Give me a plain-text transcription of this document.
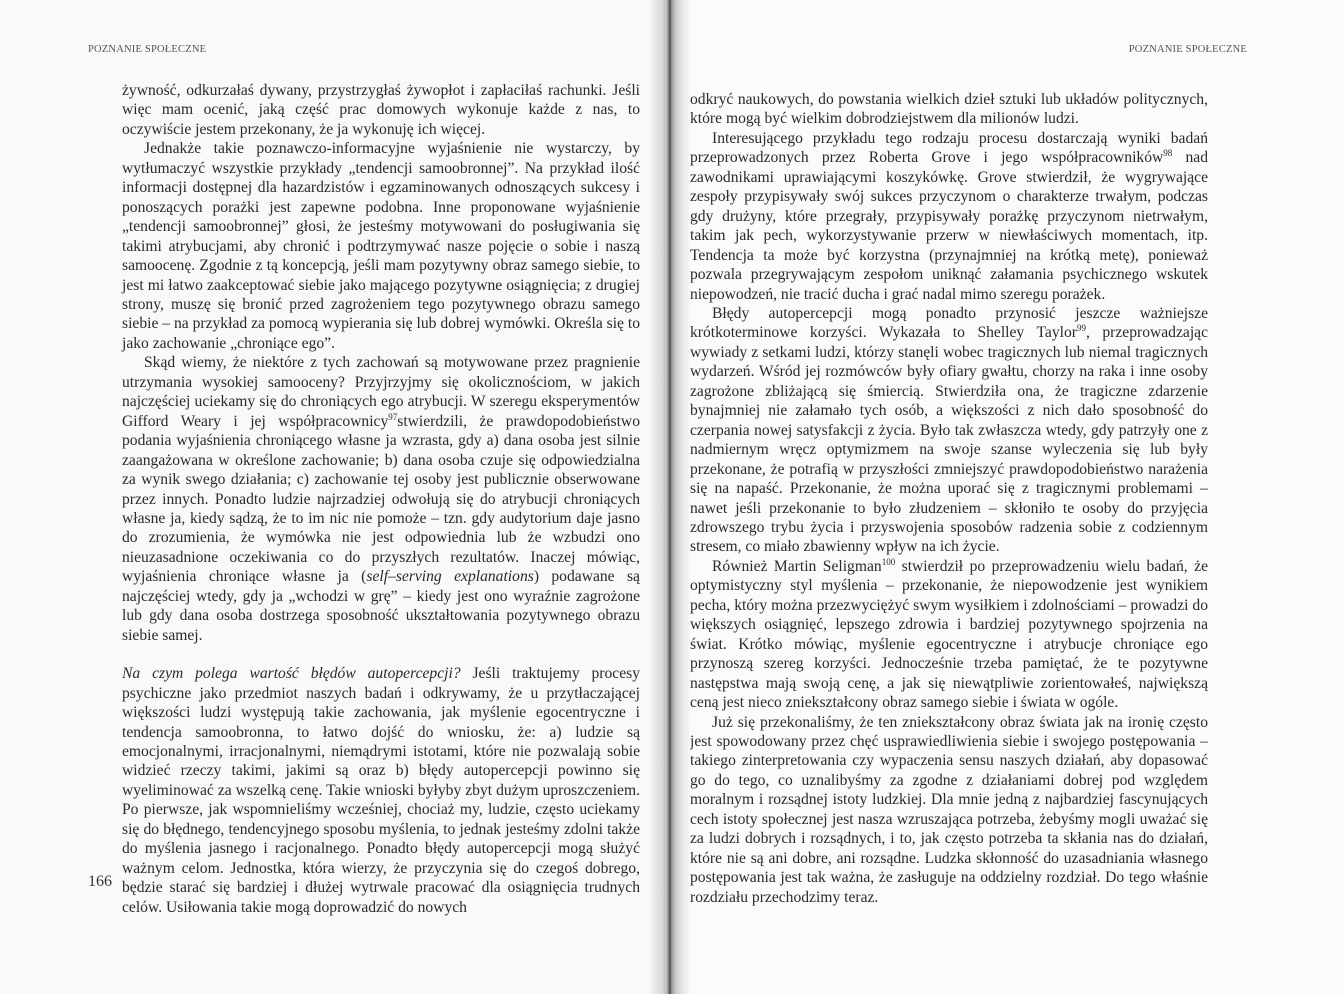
POZNANIE SPOŁECZNE

żywność, odkurzałaś dywany, przystrzygłaś żywopłot i zapłaciłaś rachunki. Jeśli więc mam ocenić, jaką część prac domowych wykonuje każde z nas, to oczywiście jestem przekonany, że ja wykonuję ich więcej.

Jednakże takie poznawczo-informacyjne wyjaśnienie nie wystarczy, by wytłumaczyć wszystkie przykłady „tendencji samoobronnej”. Na przykład ilość informacji dostępnej dla hazardzistów i egzaminowanych odnoszących sukcesy i ponoszących porażki jest zapewne podobna. Inne proponowane wyjaśnienie „tendencji samoobronnej” głosi, że jesteśmy motywowani do posługiwania się takimi atrybucjami, aby chronić i podtrzymywać nasze pojęcie o sobie i naszą samoocenę. Zgodnie z tą koncepcją, jeśli mam pozytywny obraz samego siebie, to jest mi łatwo zaakceptować siebie jako mającego pozytywne osiągnięcia; z drugiej strony, muszę się bronić przed zagrożeniem tego pozytywnego obrazu samego siebie – na przykład za pomocą wypierania się lub dobrej wymówki. Określa się to jako zachowanie „chroniące ego”.

Skąd wiemy, że niektóre z tych zachowań są motywowane przez pragnienie utrzymania wysokiej samooceny? Przyjrzyjmy się okolicznościom, w jakich najczęściej uciekamy się do chroniących ego atrybucji. W szeregu eksperymentów Gifford Weary i jej współpracownicy$^{97}$stwierdzili, że prawdopodobieństwo podania wyjaśnienia chroniącego własne ja wzrasta, gdy a) dana osoba jest silnie zaangażowana w określone zachowanie; b) dana osoba czuje się odpowiedzialna za wynik swego działania; c) zachowanie tej osoby jest publicznie obserwowane przez innych. Ponadto ludzie najrzadziej odwołują się do atrybucji chroniących własne ja, kiedy sądzą, że to im nic nie pomoże – tzn. gdy audytorium daje jasno do zrozumienia, że wymówka nie jest odpowiednia lub że wzbudzi ono nieuzasadnione oczekiwania co do przyszłych rezultatów. Inaczej mówiąc, wyjaśnienia chroniące własne ja (self–serving explanations) podawane są najczęściej wtedy, gdy ja „wchodzi w grę” – kiedy jest ono wyraźnie zagrożone lub gdy dana osoba dostrzega sposobność ukształtowania pozytywnego obrazu siebie samej.

Na czym polega wartość błędów autopercepcji? Jeśli traktujemy procesy psychiczne jako przedmiot naszych badań i odkrywamy, że u przytłaczającej większości ludzi występują takie zachowania, jak myślenie egocentryczne i tendencja samoobronna, to łatwo dojść do wniosku, że: a) ludzie są emocjonalnymi, irracjonalnymi, niemądrymi istotami, które nie pozwalają sobie widzieć rzeczy takimi, jakimi są oraz b) błędy autopercepcji powinno się wyeliminować za wszelką cenę. Takie wnioski byłyby zbyt dużym uproszczeniem. Po pierwsze, jak wspomnieliśmy wcześniej, chociaż my, ludzie, często uciekamy się do błędnego, tendencyjnego sposobu myślenia, to jednak jesteśmy zdolni także do myślenia jasnego i racjonalnego. Ponadto błędy autopercepcji mogą służyć ważnym celom. Jednostka, która wierzy, że przyczynia się do czegoś dobrego, będzie starać się bardziej i dłużej wytrwale pracować dla osiągnięcia trudnych celów. Usiłowania takie mogą doprowadzić do nowych

166
POZNANIE SPOŁECZNE

odkryć naukowych, do powstania wielkich dzieł sztuki lub układów politycznych, które mogą być wielkim dobrodziejstwem dla milionów ludzi.

Interesującego przykładu tego rodzaju procesu dostarczają wyniki badań przeprowadzonych przez Roberta Grove i jego współpracowników$^{98}$ nad zawodnikami uprawiającymi koszykówkę. Grove stwierdził, że wygrywające zespoły przypisywały swój sukces przyczynom o charakterze trwałym, podczas gdy drużyny, które przegrały, przypisywały porażkę przyczynom nietrwałym, takim jak pech, wykorzystywanie przerw w niewłaściwych momentach, itp. Tendencja ta może być korzystna (przynajmniej na krótką metę), ponieważ pozwala przegrywającym zespołom uniknąć załamania psychicznego wskutek niepowodzeń, nie tracić ducha i grać nadal mimo szeregu porażek.

Błędy autopercepcji mogą ponadto przynosić jeszcze ważniejsze krótkoterminowe korzyści. Wykazała to Shelley Taylor$^{99}$, przeprowadzając wywiady z setkami ludzi, którzy stanęli wobec tragicznych lub niemal tragicznych wydarzeń. Wśród jej rozmówców były ofiary gwałtu, chorzy na raka i inne osoby zagrożone zbliżającą się śmiercią. Stwierdziła ona, że tragiczne zdarzenie bynajmniej nie załamało tych osób, a większości z nich dało sposobność do czerpania nowej satysfakcji z życia. Było tak zwłaszcza wtedy, gdy patrzyły one z nadmiernym wręcz optymizmem na swoje szanse wyleczenia się lub były przekonane, że potrafią w przyszłości zmniejszyć prawdopodobieństwo narażenia się na napaść. Przekonanie, że można uporać się z tragicznymi problemami – nawet jeśli przekonanie to było złudzeniem – skłoniło te osoby do przyjęcia zdrowszego trybu życia i przyswojenia sposobów radzenia sobie z codziennym stresem, co miało zbawienny wpływ na ich życie.

Również Martin Seligman$^{100}$ stwierdził po przeprowadzeniu wielu badań, że optymistyczny styl myślenia – przekonanie, że niepowodzenie jest wynikiem pecha, który można przezwyciężyć swym wysiłkiem i zdolnościami – prowadzi do większych osiągnięć, lepszego zdrowia i bardziej pozytywnego spojrzenia na świat. Krótko mówiąc, myślenie egocentryczne i atrybucje chroniące ego przynoszą szereg korzyści. Jednocześnie trzeba pamiętać, że te pozytywne następstwa mają swoją cenę, a jak się niewątpliwie zorientowałeś, największą ceną jest nieco zniekształcony obraz samego siebie i świata w ogóle.

Już się przekonaliśmy, że ten zniekształcony obraz świata jak na ironię często jest spowodowany przez chęć usprawiedliwienia siebie i swojego postępowania – takiego zinterpretowania czy wypaczenia sensu naszych działań, aby dopasować go do tego, co uznalibyśmy za zgodne z działaniami dobrej pod względem moralnym i rozsądnej istoty ludzkiej. Dla mnie jedną z najbardziej fascynujących cech istoty społecznej jest nasza wzruszająca potrzeba, żebyśmy mogli uważać się za ludzi dobrych i rozsądnych, i to, jak często potrzeba ta skłania nas do działań, które nie są ani dobre, ani rozsądne. Ludzka skłonność do uzasadniania własnego postępowania jest tak ważna, że zasługuje na oddzielny rozdział. Do tego właśnie rozdziału przechodzimy teraz.
